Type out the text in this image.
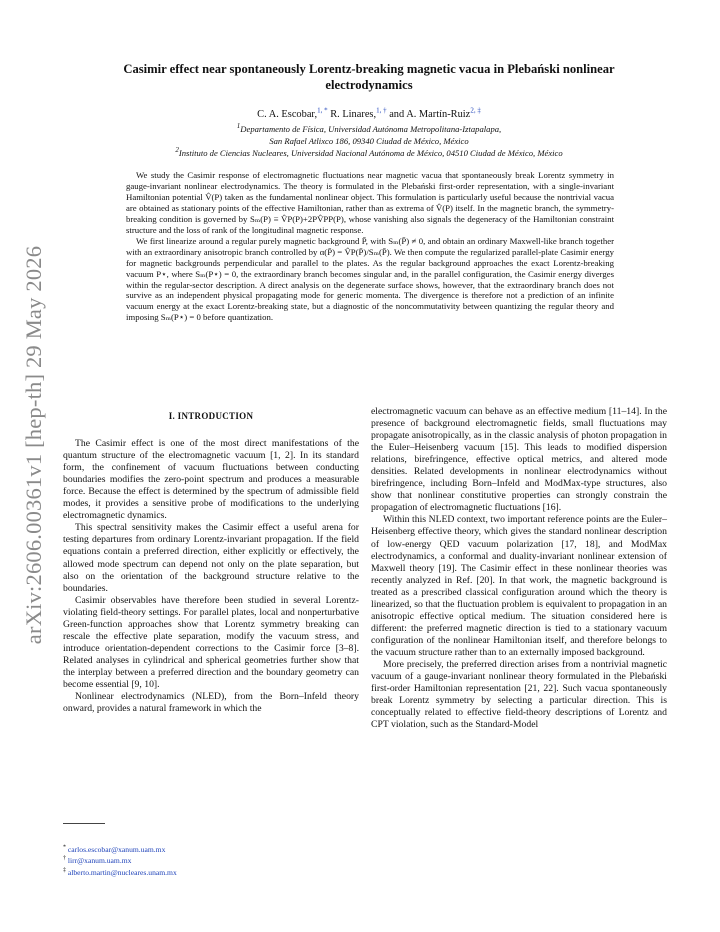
arXiv:2606.00361v1 [hep-th] 29 May 2026
Casimir effect near spontaneously Lorentz-breaking magnetic vacua in Plebański nonlinear electrodynamics
C. A. Escobar,$^{1, *}$ R. Linares,$^{1, \dagger}$ and A. Martín-Ruiz$^{2, \ddagger}$
$^1$Departamento de Física, Universidad Autónoma Metropolitana-Iztapalapa,
San Rafael Atlixco 186, 09340 Ciudad de México, México
$^2$Instituto de Ciencias Nucleares, Universidad Nacional Autónoma de México, 04510 Ciudad de México, México

We study the Casimir response of electromagnetic fluctuations near magnetic vacua that spontaneously break Lorentz symmetry in gauge-invariant nonlinear electrodynamics. The theory is formulated in the Plebański first-order representation, with a single-invariant Hamiltonian potential V̂(P) taken as the fundamental nonlinear object. This formulation is particularly useful because the nontrivial vacua are obtained as stationary points of the effective Hamiltonian, rather than as extrema of V̂(P) itself. In the magnetic branch, the symmetry-breaking condition is governed by Sₘ(P) ≡ V̂P(P)+2PV̂PP(P), whose vanishing also signals the degeneracy of the Hamiltonian constraint structure and the loss of rank of the longitudinal magnetic response.

We first linearize around a regular purely magnetic background P̄, with Sₘ(P̄) ≠ 0, and obtain an ordinary Maxwell-like branch together with an extraordinary anisotropic branch controlled by α(P̄) = V̂P(P̄)/Sₘ(P̄). We then compute the regularized parallel-plate Casimir energy for magnetic backgrounds perpendicular and parallel to the plates. As the regular background approaches the exact Lorentz-breaking vacuum P⋆, where Sₘ(P⋆) = 0, the extraordinary branch becomes singular and, in the parallel configuration, the Casimir energy diverges within the regular-sector description. A direct analysis on the degenerate surface shows, however, that the extraordinary branch does not survive as an independent physical propagating mode for generic momenta. The divergence is therefore not a prediction of an infinite vacuum energy at the exact Lorentz-breaking state, but a diagnostic of the noncommutativity between quantizing the regular theory and imposing Sₘ(P⋆) = 0 before quantization.

I. INTRODUCTION

The Casimir effect is one of the most direct manifestations of the quantum structure of the electromagnetic vacuum [1, 2]. In its standard form, the confinement of vacuum fluctuations between conducting boundaries modifies the zero-point spectrum and produces a measurable force. Because the effect is determined by the spectrum of admissible field modes, it provides a sensitive probe of modifications to the underlying electromagnetic dynamics.

This spectral sensitivity makes the Casimir effect a useful arena for testing departures from ordinary Lorentz-invariant propagation. If the field equations contain a preferred direction, either explicitly or effectively, the allowed mode spectrum can depend not only on the plate separation, but also on the orientation of the background structure relative to the boundaries.

Casimir observables have therefore been studied in several Lorentz-violating field-theory settings. For parallel plates, local and nonperturbative Green-function approaches show that Lorentz symmetry breaking can rescale the effective plate separation, modify the vacuum stress, and introduce orientation-dependent corrections to the Casimir force [3–8]. Related analyses in cylindrical and spherical geometries further show that the interplay between a preferred direction and the boundary geometry can become essential [9, 10].

Nonlinear electrodynamics (NLED), from the Born–Infeld theory onward, provides a natural framework in which the

electromagnetic vacuum can behave as an effective medium [11–14]. In the presence of background electromagnetic fields, small fluctuations may propagate anisotropically, as in the classic analysis of photon propagation in the Euler–Heisenberg vacuum [15]. This leads to modified dispersion relations, birefringence, effective optical metrics, and altered mode densities. Related developments in nonlinear electrodynamics without birefringence, including Born–Infeld and ModMax-type structures, also show that nonlinear constitutive properties can strongly constrain the propagation of electromagnetic fluctuations [16].

Within this NLED context, two important reference points are the Euler–Heisenberg effective theory, which gives the standard nonlinear description of low-energy QED vacuum polarization [17, 18], and ModMax electrodynamics, a conformal and duality-invariant nonlinear extension of Maxwell theory [19]. The Casimir effect in these nonlinear theories was recently analyzed in Ref. [20]. In that work, the magnetic background is treated as a prescribed classical configuration around which the theory is linearized, so that the fluctuation problem is equivalent to propagation in an anisotropic effective optical medium. The situation considered here is different: the preferred magnetic direction is tied to a stationary vacuum configuration of the nonlinear Hamiltonian itself, and therefore belongs to the vacuum structure rather than to an externally imposed background.

More precisely, the preferred direction arises from a nontrivial magnetic vacuum of a gauge-invariant nonlinear theory formulated in the Plebański first-order Hamiltonian representation [21, 22]. Such vacua spontaneously break Lorentz symmetry by selecting a particular direction. This is conceptually related to effective field-theory descriptions of Lorentz and CPT violation, such as the Standard-Model

* carlos.escobar@xanum.uam.mx
† lirr@xanum.uam.mx
‡ alberto.martin@nucleares.unam.mx
